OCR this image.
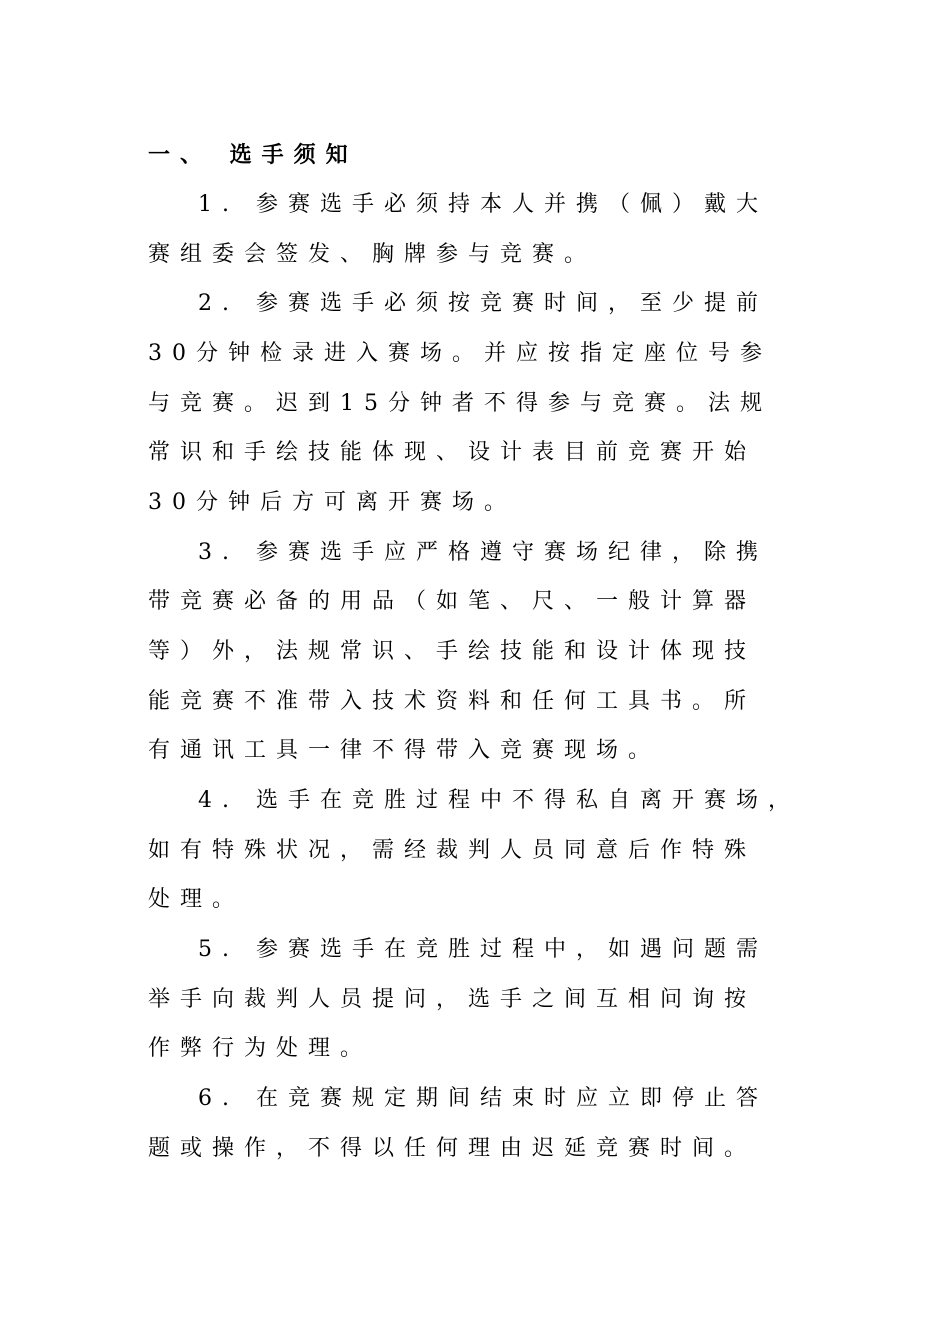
一、 选手须知
1. 参赛选手必须持本人并携（佩）戴大
赛组委会签发、胸牌参与竞赛。
2. 参赛选手必须按竞赛时间，至少提前
30分钟检录进入赛场。并应按指定座位号参
与竞赛。迟到15分钟者不得参与竞赛。法规
常识和手绘技能体现、设计表目前竞赛开始
30分钟后方可离开赛场。
3. 参赛选手应严格遵守赛场纪律，除携
带竞赛必备的用品（如笔、尺、一般计算器
等）外，法规常识、手绘技能和设计体现技
能竞赛不准带入技术资料和任何工具书。所
有通讯工具一律不得带入竞赛现场。
4. 选手在竞胜过程中不得私自离开赛场，
如有特殊状况，需经裁判人员同意后作特殊
处理。
5. 参赛选手在竞胜过程中，如遇问题需
举手向裁判人员提问，选手之间互相问询按
作弊行为处理。
6. 在竞赛规定期间结束时应立即停止答
题或操作，不得以任何理由迟延竞赛时间。
